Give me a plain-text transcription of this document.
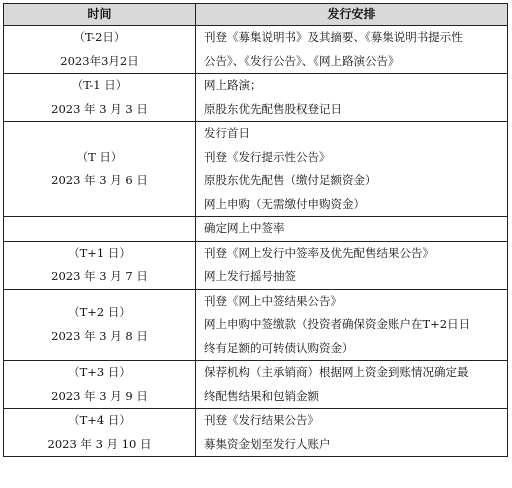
时间	发行安排

（T-2日）
2023年3月2日	刊登《募集说明书》及其摘要、《募集说明书提示性
公告》、《发行公告》、《网上路演公告》

（T-1 日）
2023 年 3 月 3 日	网上路演；
原股东优先配售股权登记日

（T 日）
2023 年 3 月 6 日	发行首日
刊登《发行提示性公告》
原股东优先配售（缴付足额资金）
网上申购（无需缴付申购资金）

	确定网上中签率

（T+1 日）
2023 年 3 月 7 日	刊登《网上发行中签率及优先配售结果公告》
网上发行摇号抽签

（T+2 日）
2023 年 3 月 8 日	刊登《网上中签结果公告》
网上申购中签缴款（投资者确保资金账户在T+2日日
终有足额的可转债认购资金）

（T+3 日）
2023 年 3 月 9 日	保荐机构（主承销商）根据网上资金到账情况确定最
终配售结果和包销金额

（T+4 日）
2023 年 3 月 10 日	刊登《发行结果公告》
募集资金划至发行人账户
